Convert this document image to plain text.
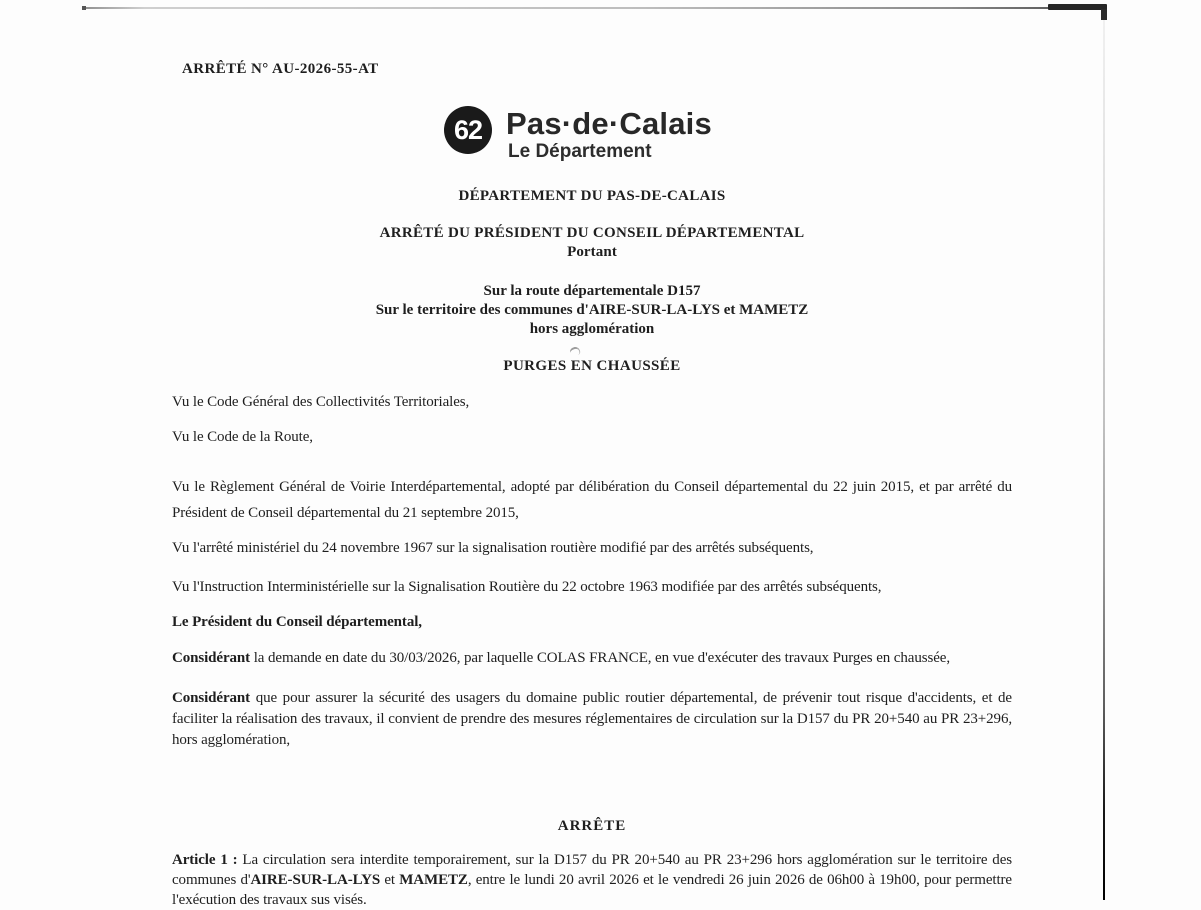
ARRÊTÉ N° AU-2026-55-AT
62 Pas·de·Calais
Le Département
DÉPARTEMENT DU PAS-DE-CALAIS
ARRÊTÉ DU PRÉSIDENT DU CONSEIL DÉPARTEMENTAL
Portant
Sur la route départementale D157
Sur le territoire des communes d'AIRE-SUR-LA-LYS et MAMETZ
hors agglomération
PURGES EN CHAUSSÉE

Vu le Code Général des Collectivités Territoriales,

Vu le Code de la Route,

Vu le Règlement Général de Voirie Interdépartemental, adopté par délibération du Conseil départemental du 22 juin 2015, et par arrêté du Président de Conseil départemental du 21 septembre 2015,

Vu l'arrêté ministériel du 24 novembre 1967 sur la signalisation routière modifié par des arrêtés subséquents,

Vu l'Instruction Interministérielle sur la Signalisation Routière du 22 octobre 1963 modifiée par des arrêtés subséquents,

Le Président du Conseil départemental,

Considérant la demande en date du 30/03/2026, par laquelle COLAS FRANCE, en vue d'exécuter des travaux Purges en chaussée,

Considérant que pour assurer la sécurité des usagers du domaine public routier départemental, de prévenir tout risque d'accidents, et de faciliter la réalisation des travaux, il convient de prendre des mesures réglementaires de circulation sur la D157 du PR 20+540 au PR 23+296, hors agglomération,

ARRÊTE

Article 1 : La circulation sera interdite temporairement, sur la D157 du PR 20+540 au PR 23+296 hors agglomération sur le territoire des communes d'AIRE-SUR-LA-LYS et MAMETZ, entre le lundi 20 avril 2026 et le vendredi 26 juin 2026 de 06h00 à 19h00, pour permettre l'exécution des travaux sus visés.
